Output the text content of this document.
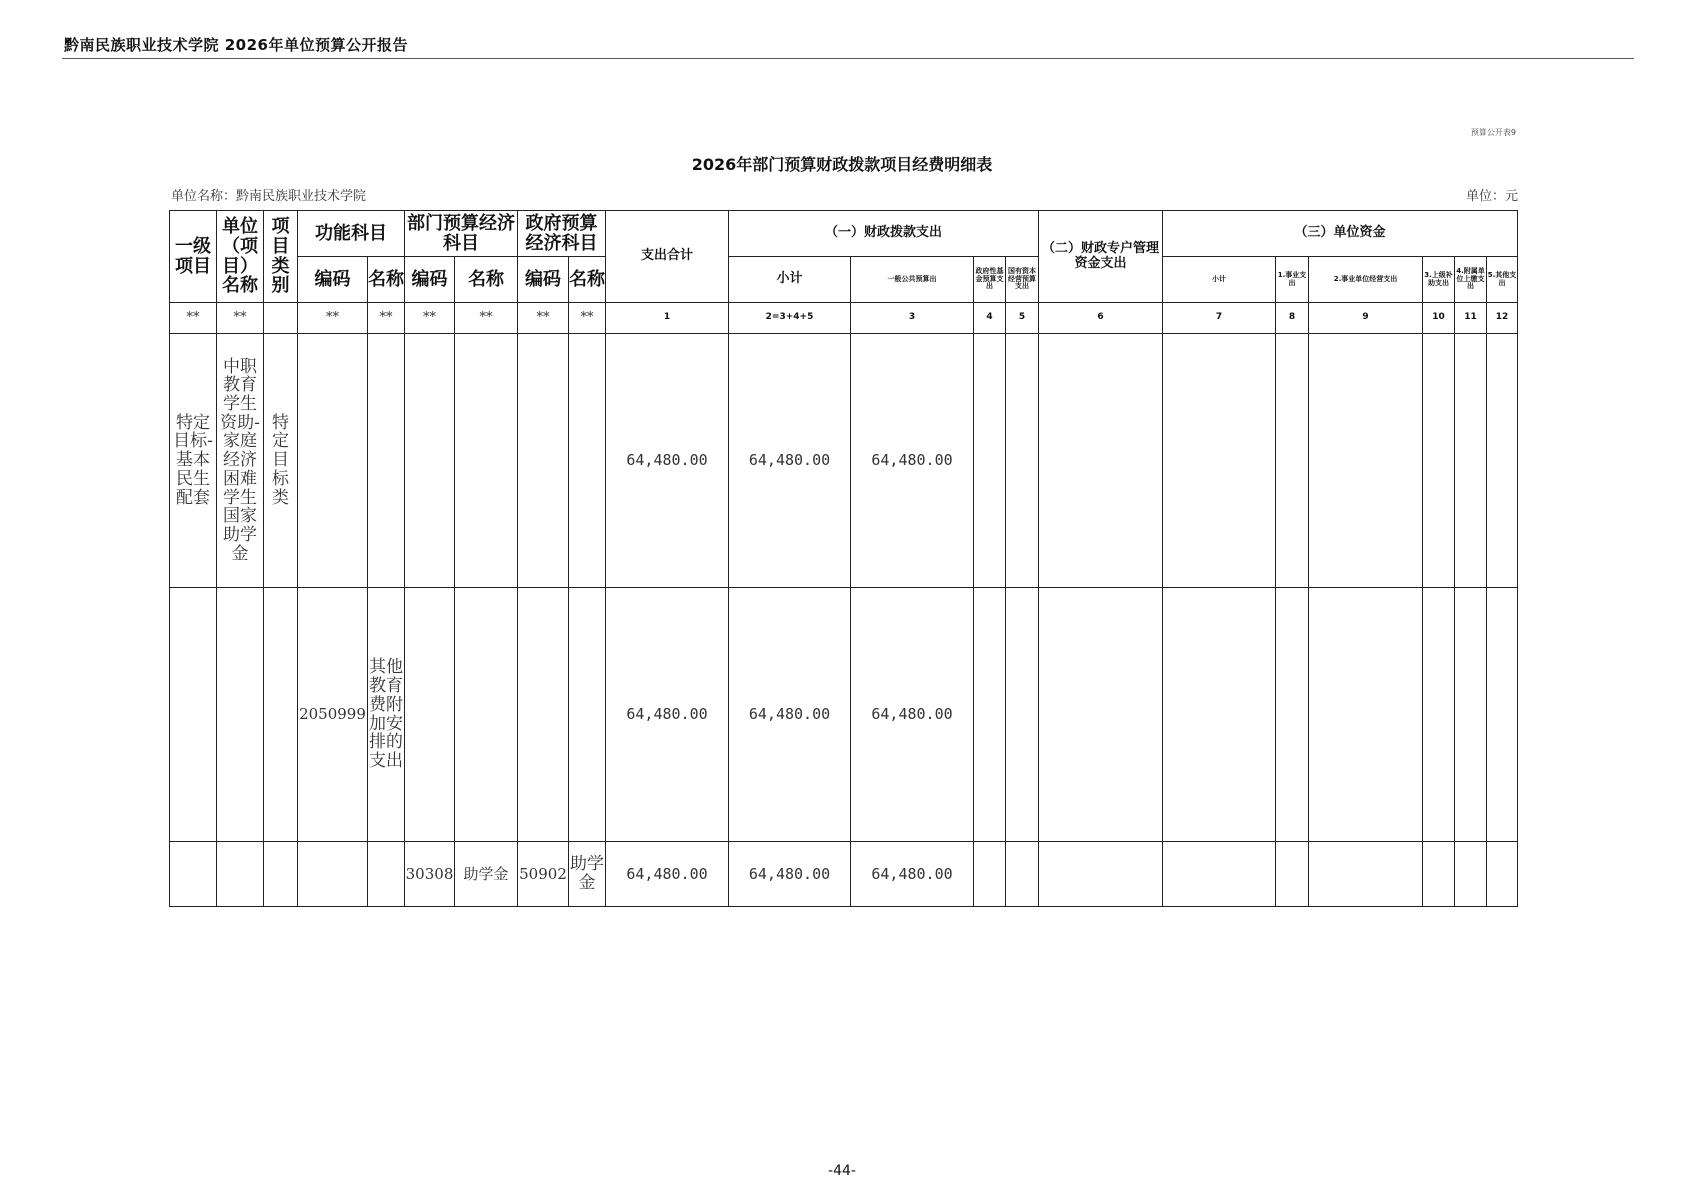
黔南民族职业技术学院 2026年单位预算公开报告
预算公开表9
2026年部门预算财政拨款项目经费明细表
单位名称：黔南民族职业技术学院	单位：元
一级项目	单位（项目）名称	项目类别	功能科目		部门预算经济科目		政府预算经济科目		支出合计	（一）财政拨款支出				（二）财政专户管理资金支出	（三）单位资金					
			编码	名称	编码	名称	编码	名称		小计	一般公共预算出	政府性基金预算支出	国有资本经营预算支出		小计	1.事业支出	2.事业单位经营支出	3.上级补助支出	4.附属单位上缴支出	5.其他支出
**	**		**	**	**	**	**	**	1	2=3+4+5	3	4	5	6	7	8	9	10	11	12
特定目标-基本民生配套	中职教育学生资助-家庭经济困难学生国家助学金	特定目标类							64,480.00	64,480.00	64,480.00									
			2050999	其他教育费附加安排的支出					64,480.00	64,480.00	64,480.00									
					30308	助学金	50902	助学金	64,480.00	64,480.00	64,480.00									
-44-
